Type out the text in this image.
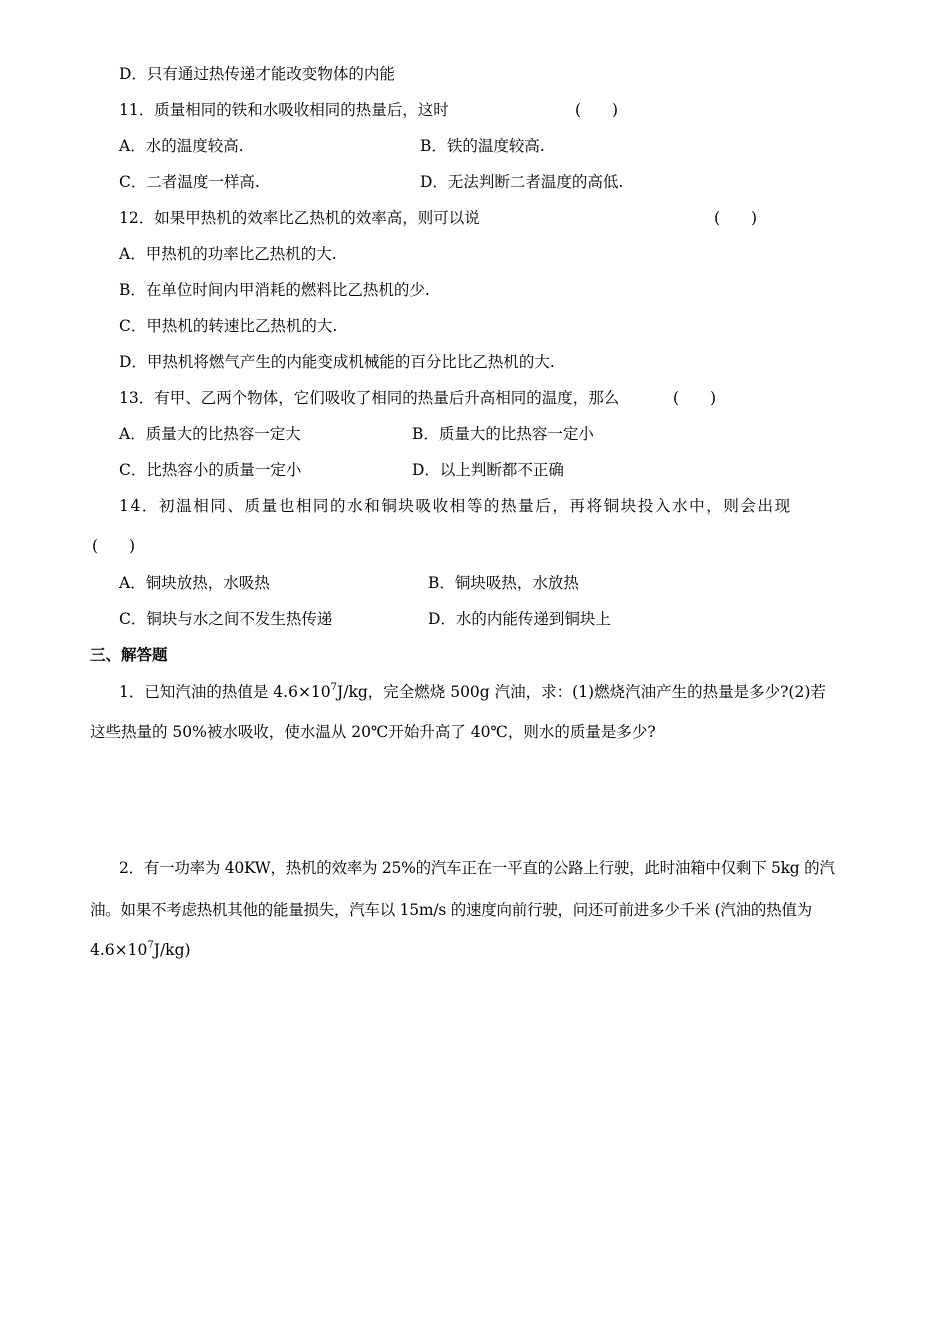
D．只有通过热传递才能改变物体的内能
11．质量相同的铁和水吸收相同的热量后，这时	(　　)
A．水的温度较高.	B．铁的温度较高.
C．二者温度一样高.	D．无法判断二者温度的高低.
12．如果甲热机的效率比乙热机的效率高，则可以说	(　　)
A．甲热机的功率比乙热机的大.
B．在单位时间内甲消耗的燃料比乙热机的少.
C．甲热机的转速比乙热机的大.
D．甲热机将燃气产生的内能变成机械能的百分比比乙热机的大.
13．有甲、乙两个物体，它们吸收了相同的热量后升高相同的温度，那么	(　　)
A．质量大的比热容一定大	B．质量大的比热容一定小
C．比热容小的质量一定小	D．以上判断都不正确
14．初温相同、质量也相同的水和铜块吸收相等的热量后，再将铜块投入水中，则会出现
(　　)
A．铜块放热，水吸热	B．铜块吸热，水放热
C．铜块与水之间不发生热传递	D．水的内能传递到铜块上
三、解答题
1．已知汽油的热值是 $4.6\times 10^7J/kg$，完全燃烧 500g 汽油，求：(1)燃烧汽油产生的热量是多少?(2)若
这些热量的 50%被水吸收，使水温从 20℃开始升高了 40℃，则水的质量是多少?
2．有一功率为 40KW，热机的效率为 25%的汽车正在一平直的公路上行驶，此时油箱中仅剩下 5kg 的汽
油。如果不考虑热机其他的能量损失，汽车以 15m/s 的速度向前行驶，问还可前进多少千米 (汽油的热值为
$4.6\times 10^7J/kg$)
